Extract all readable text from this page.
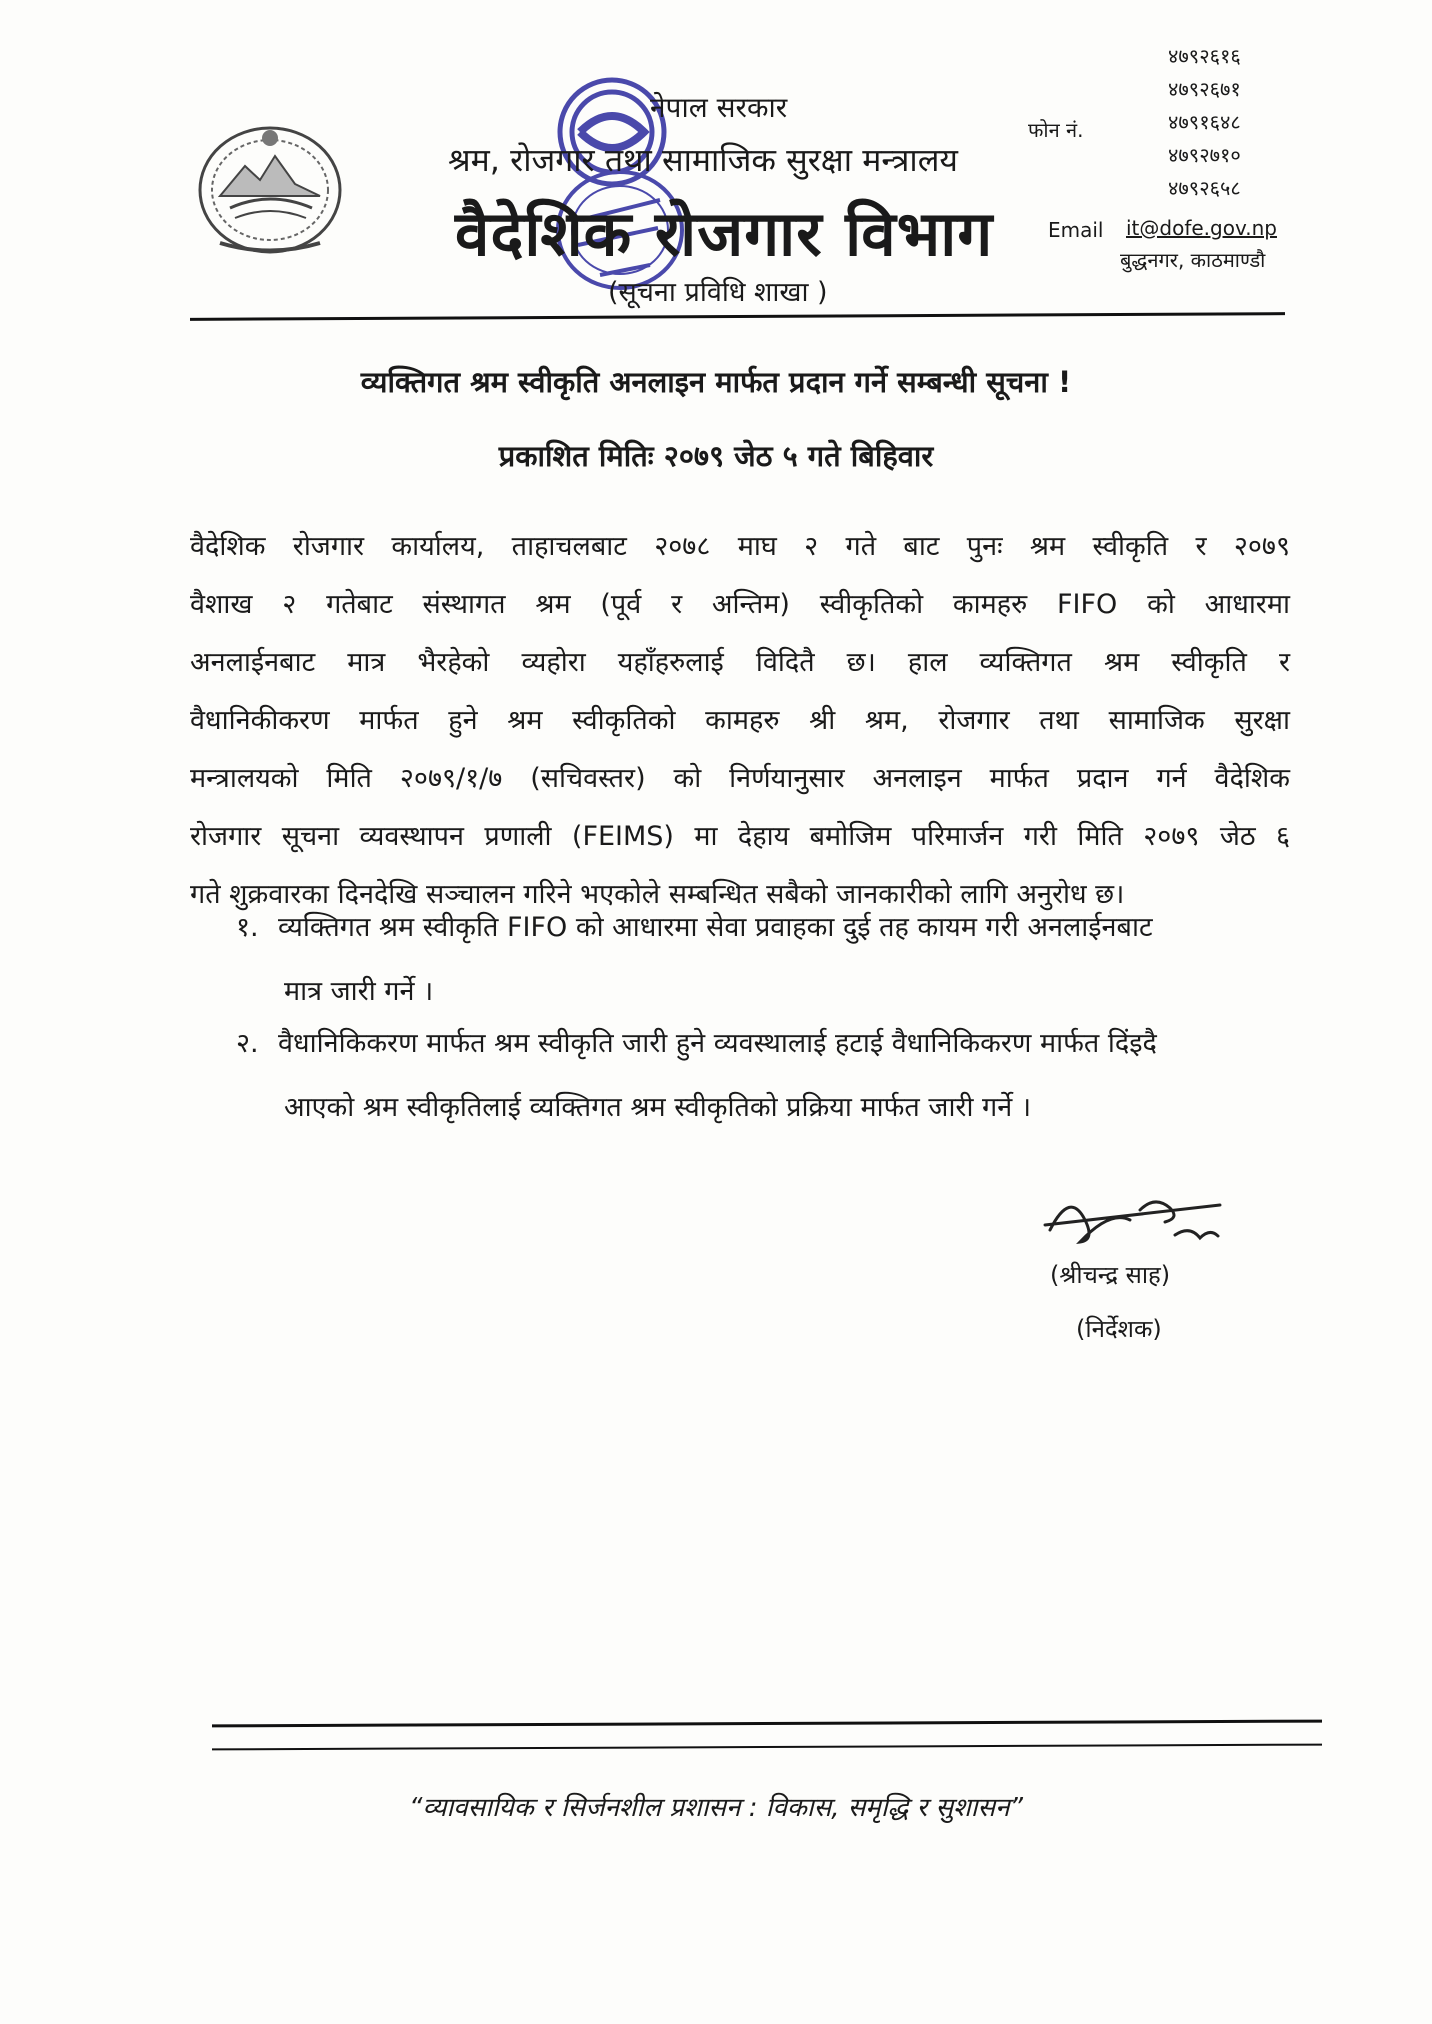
नेपाल सरकार
श्रम, रोजगार तथा सामाजिक सुरक्षा मन्त्रालय
वैदेशिक रोजगार विभाग
(सूचना प्रविधि शाखा )
फोन नं.
४७९२६१६
४७९२६७१
४७९१६४८
४७९२७१०
४७९२६५८
Email it@dofe.gov.np
बुद्धनगर, काठमाण्डौ
व्यक्तिगत श्रम स्वीकृति अनलाइन मार्फत प्रदान गर्ने सम्बन्धी सूचना !
प्रकाशित मितिः २०७९ जेठ ५ गते बिहिवार
वैदेशिक रोजगार कार्यालय, ताहाचलबाट २०७८ माघ २ गते बाट पुनः श्रम स्वीकृति र २०७९
वैशाख २ गतेबाट संस्थागत श्रम (पूर्व र अन्तिम) स्वीकृतिको कामहरु FIFO को आधारमा
अनलाईनबाट मात्र भैरहेको व्यहोरा यहाँहरुलाई विदितै छ। हाल व्यक्तिगत श्रम स्वीकृति र
वैधानिकीकरण मार्फत हुने श्रम स्वीकृतिको कामहरु श्री श्रम, रोजगार तथा सामाजिक सुरक्षा
मन्त्रालयको मिति २०७९/१/७ (सचिवस्तर) को निर्णयानुसार अनलाइन मार्फत प्रदान गर्न वैदेशिक
रोजगार सूचना व्यवस्थापन प्रणाली (FEIMS) मा देहाय बमोजिम परिमार्जन गरी मिति २०७९ जेठ ६
गते शुक्रवारका दिनदेखि सञ्चालन गरिने भएकोले सम्बन्धित सबैको जानकारीको लागि अनुरोध छ।
१. व्यक्तिगत श्रम स्वीकृति FIFO को आधारमा सेवा प्रवाहका दुई तह कायम गरी अनलाईनबाट
मात्र जारी गर्ने ।
२. वैधानिकिकरण मार्फत श्रम स्वीकृति जारी हुने व्यवस्थालाई हटाई वैधानिकिकरण मार्फत दिंइदै
आएको श्रम स्वीकृतिलाई व्यक्तिगत श्रम स्वीकृतिको प्रक्रिया मार्फत जारी गर्ने ।
(श्रीचन्द्र साह)
(निर्देशक)
“व्यावसायिक र सिर्जनशील प्रशासन : विकास, समृद्धि र सुशासन”
